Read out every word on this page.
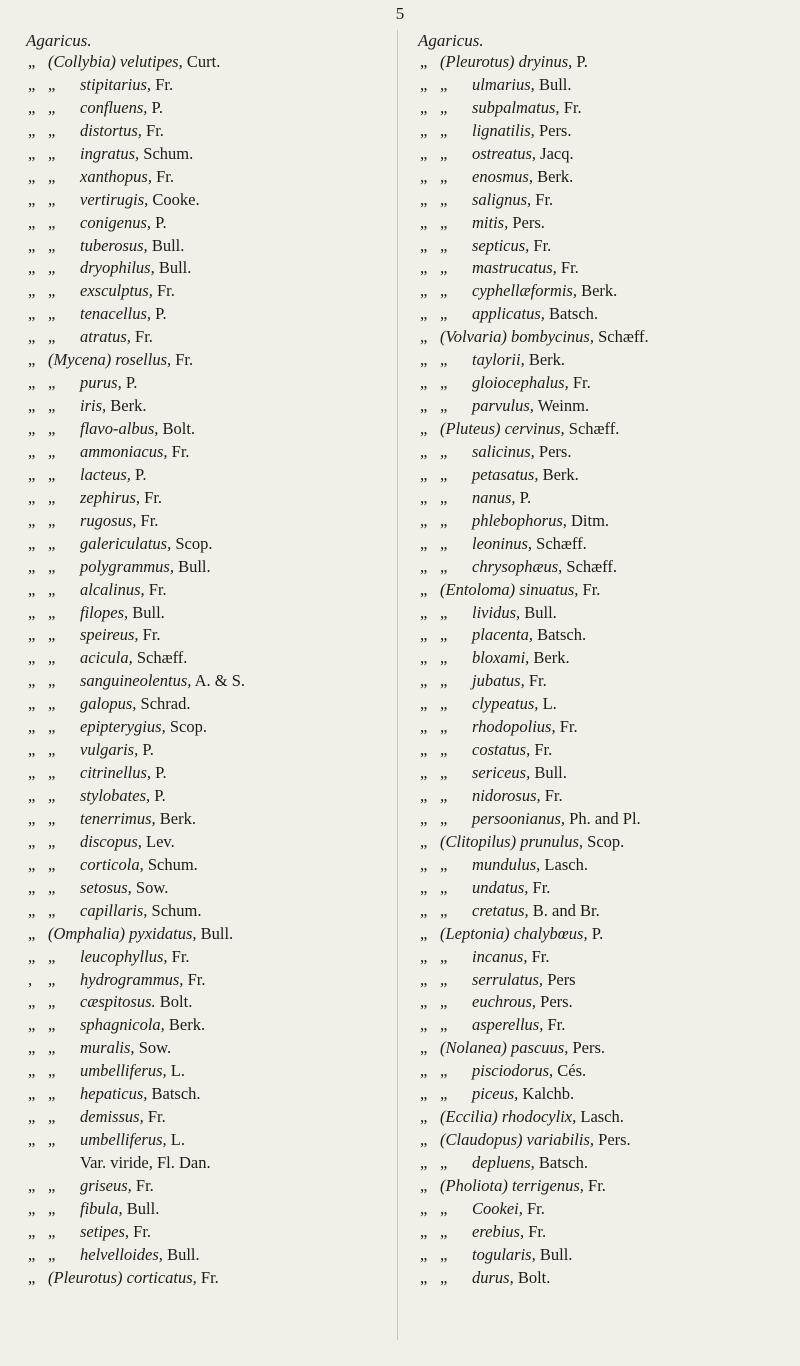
5
Agaricus.
„ (Collybia) velutipes, Curt.
„ „ stipitarius, Fr.
„ „ confluens, P.
„ „ distortus, Fr.
„ „ ingratus, Schum.
„ „ xanthopus, Fr.
„ „ vertirugis, Cooke.
„ „ conigenus, P.
„ „ tuberosus, Bull.
„ „ dryophilus, Bull.
„ „ exsculptus, Fr.
„ „ tenacellus, P.
„ „ atratus, Fr.
„ (Mycena) rosellus, Fr.
„ „ purus, P.
„ „ iris, Berk.
„ „ flavo-albus, Bolt.
„ „ ammoniacus, Fr.
„ „ lacteus, P.
„ „ zephirus, Fr.
„ „ rugosus, Fr.
„ „ galericulatus, Scop.
„ „ polygrammus, Bull.
„ „ alcalinus, Fr.
„ „ filopes, Bull.
„ „ speireus, Fr.
„ „ acicula, Schæff.
„ „ sanguineolentus, A. & S.
„ „ galopus, Schrad.
„ „ epipterygius, Scop.
„ „ vulgaris, P.
„ „ citrinellus, P.
„ „ stylobates, P.
„ „ tenerrimus, Berk.
„ „ discopus, Lev.
„ „ corticola, Schum.
„ „ setosus, Sow.
„ „ capillaris, Schum.
„ (Omphalia) pyxidatus, Bull.
„ „ leucophyllus, Fr.
, „ hydrogrammus, Fr.
„ „ cæspitosus. Bolt.
„ „ sphagnicola, Berk.
„ „ muralis, Sow.
„ „ umbelliferus, L.
„ „ hepaticus, Batsch.
„ „ demissus, Fr.
„ „ umbelliferus, L.
Var. viride, Fl. Dan.
„ „ griseus, Fr.
„ „ fibula, Bull.
„ „ setipes, Fr.
„ „ helvelloides, Bull.
„ (Pleurotus) corticatus, Fr.
Agaricus.
„ (Pleurotus) dryinus, P.
„ „ ulmarius, Bull.
„ „ subpalmatus, Fr.
„ „ lignatilis, Pers.
„ „ ostreatus, Jacq.
„ „ enosmus, Berk.
„ „ salignus, Fr.
„ „ mitis, Pers.
„ „ septicus, Fr.
„ „ mastrucatus, Fr.
„ „ cyphellæformis, Berk.
„ „ applicatus, Batsch.
„ (Volvaria) bombycinus, Schæff.
„ „ taylorii, Berk.
„ „ gloiocephalus, Fr.
„ „ parvulus, Weinm.
„ (Pluteus) cervinus, Schæff.
„ „ salicinus, Pers.
„ „ petasatus, Berk.
„ „ nanus, P.
„ „ phlebophorus, Ditm.
„ „ leoninus, Schæff.
„ „ chrysophæus, Schæff.
„ (Entoloma) sinuatus, Fr.
„ „ lividus, Bull.
„ „ placenta, Batsch.
„ „ bloxami, Berk.
„ „ jubatus, Fr.
„ „ clypeatus, L.
„ „ rhodopolius, Fr.
„ „ costatus, Fr.
„ „ sericeus, Bull.
„ „ nidorosus, Fr.
„ „ persoonianus, Ph. and Pl.
„ (Clitopilus) prunulus, Scop.
„ „ mundulus, Lasch.
„ „ undatus, Fr.
„ „ cretatus, B. and Br.
„ (Leptonia) chalybœus, P.
„ „ incanus, Fr.
„ „ serrulatus, Pers
„ „ euchrous, Pers.
„ „ asperellus, Fr.
„ (Nolanea) pascuus, Pers.
„ „ pisciodorus, Cés.
„ „ piceus, Kalchb.
„ (Eccilia) rhodocylix, Lasch.
„ (Claudopus) variabilis, Pers.
„ „ depluens, Batsch.
„ (Pholiota) terrigenus, Fr.
„ „ Cookei, Fr.
„ „ erebius, Fr.
„ „ togularis, Bull.
„ „ durus, Bolt.
